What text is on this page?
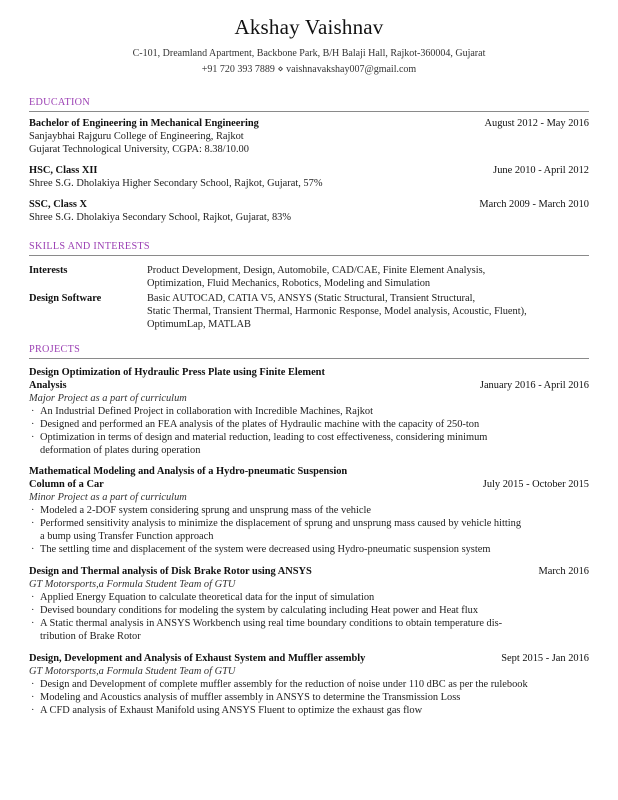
Akshay Vaishnav
C-101, Dreamland Apartment, Backbone Park, B/H Balaji Hall, Rajkot-360004, Gujarat
+91 720 393 7889 ⋄ vaishnavakshay007@gmail.com
EDUCATION
Bachelor of Engineering in Mechanical Engineering	August 2012 - May 2016
Sanjaybhai Rajguru College of Engineering, Rajkot
Gujarat Technological University, CGPA: 8.38/10.00
HSC, Class XII	June 2010 - April 2012
Shree S.G. Dholakiya Higher Secondary School, Rajkot, Gujarat, 57%
SSC, Class X	March 2009 - March 2010
Shree S.G. Dholakiya Secondary School, Rajkot, Gujarat, 83%
SKILLS AND INTERESTS
Interests	Product Development, Design, Automobile, CAD/CAE, Finite Element Analysis,
Optimization, Fluid Mechanics, Robotics, Modeling and Simulation
Design Software	Basic AUTOCAD, CATIA V5, ANSYS (Static Structural, Transient Structural,
Static Thermal, Transient Thermal, Harmonic Response, Model analysis, Acoustic, Fluent),
OptimumLap, MATLAB
PROJECTS
Design Optimization of Hydraulic Press Plate using Finite Element
Analysis	January 2016 - April 2016
Major Project as a part of curriculum
· An Industrial Defined Project in collaboration with Incredible Machines, Rajkot
· Designed and performed an FEA analysis of the plates of Hydraulic machine with the capacity of 250-ton
· Optimization in terms of design and material reduction, leading to cost effectiveness, considering minimum
deformation of plates during operation
Mathematical Modeling and Analysis of a Hydro-pneumatic Suspension
Column of a Car	July 2015 - October 2015
Minor Project as a part of curriculum
· Modeled a 2-DOF system considering sprung and unsprung mass of the vehicle
· Performed sensitivity analysis to minimize the displacement of sprung and unsprung mass caused by vehicle hitting
a bump using Transfer Function approach
· The settling time and displacement of the system were decreased using Hydro-pneumatic suspension system
Design and Thermal analysis of Disk Brake Rotor using ANSYS	March 2016
GT Motorsports,a Formula Student Team of GTU
· Applied Energy Equation to calculate theoretical data for the input of simulation
· Devised boundary conditions for modeling the system by calculating including Heat power and Heat flux
· A Static thermal analysis in ANSYS Workbench using real time boundary conditions to obtain temperature dis-
tribution of Brake Rotor
Design, Development and Analysis of Exhaust System and Muffler assembly	Sept 2015 - Jan 2016
GT Motorsports,a Formula Student Team of GTU
· Design and Development of complete muffler assembly for the reduction of noise under 110 dBC as per the rulebook
· Modeling and Acoustics analysis of muffler assembly in ANSYS to determine the Transmission Loss
· A CFD analysis of Exhaust Manifold using ANSYS Fluent to optimize the exhaust gas flow
